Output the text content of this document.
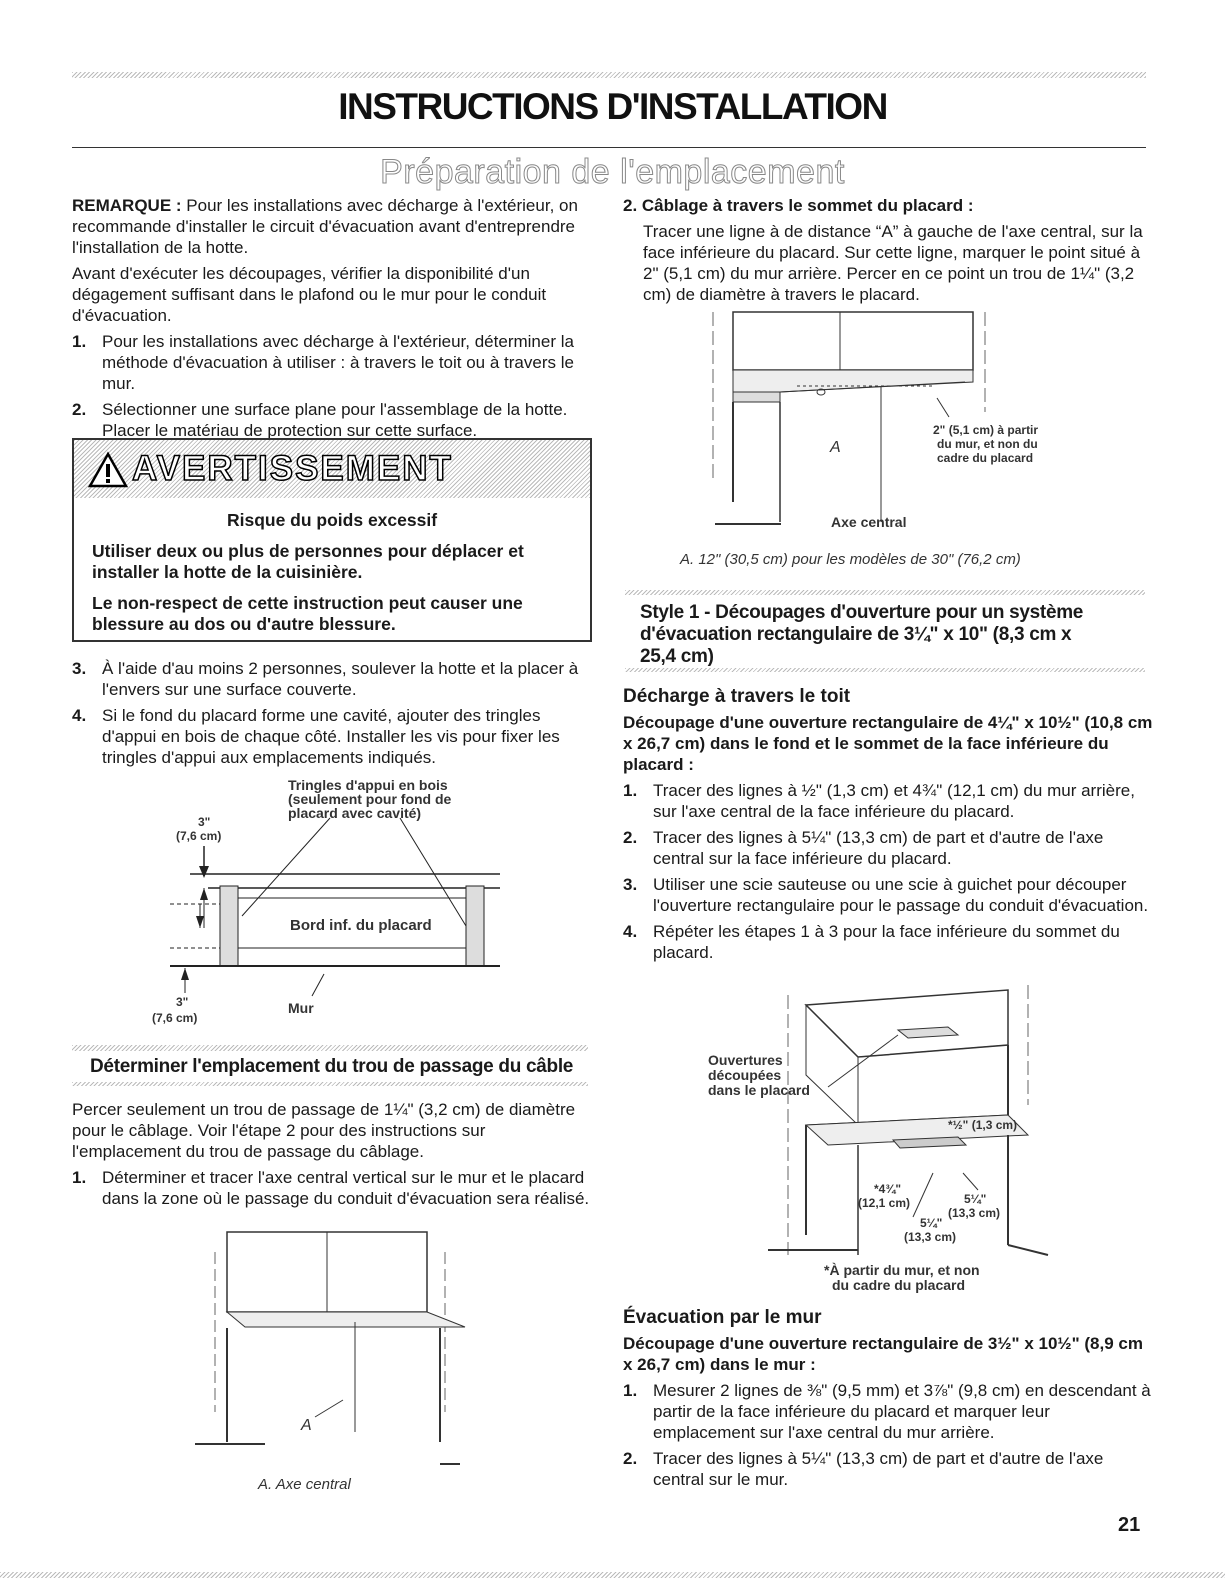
INSTRUCTIONS D'INSTALLATION
Préparation de l'emplacement

REMARQUE : Pour les installations avec décharge à l'extérieur, on recommande d'installer le circuit d'évacuation avant d'entreprendre l'installation de la hotte.

Avant d'exécuter les découpages, vérifier la disponibilité d'un dégagement suffisant dans le plafond ou le mur pour le conduit d'évacuation.

1. Pour les installations avec décharge à l'extérieur, déterminer la méthode d'évacuation à utiliser : à travers le toit ou à travers le mur.
2. Sélectionner une surface plane pour l'assemblage de la hotte. Placer le matériau de protection sur cette surface.
AVERTISSEMENT
Risque du poids excessif
Utiliser deux ou plus de personnes pour déplacer et installer la hotte de la cuisinière.
Le non-respect de cette instruction peut causer une blessure au dos ou d'autre blessure.
3. À l'aide d'au moins 2 personnes, soulever la hotte et la placer à l'envers sur une surface couverte.
4. Si le fond du placard forme une cavité, ajouter des tringles d'appui en bois de chaque côté. Installer les vis pour fixer les tringles d'appui aux emplacements indiqués.
Tringles d'appui en bois
(seulement pour fond de
placard avec cavité)
3"
(7,6 cm)
Bord inf. du placard
3"
(7,6 cm)
Mur
Déterminer l'emplacement du trou de passage du câble

Percer seulement un trou de passage de 1¼" (3,2 cm) de diamètre pour le câblage. Voir l'étape 2 pour des instructions sur l'emplacement du trou de passage du câblage.

1. Déterminer et tracer l'axe central vertical sur le mur et le placard dans la zone où le passage du conduit d'évacuation sera réalisé.
A
A. Axe central

2. Câblage à travers le sommet du placard :

Tracer une ligne à de distance “A” à gauche de l'axe central, sur la face inférieure du placard. Sur cette ligne, marquer le point situé à 2" (5,1 cm) du mur arrière. Percer en ce point un trou de 1¼" (3,2 cm) de diamètre à travers le placard.

A
2" (5,1 cm) à partir
du mur, et non du
cadre du placard
Axe central
A. 12" (30,5 cm) pour les modèles de 30" (76,2 cm)
Style 1 - Découpages d'ouverture pour un système d'évacuation rectangulaire de 3¼" x 10" (8,3 cm x 25,4 cm)
Décharge à travers le toit

Découpage d'une ouverture rectangulaire de 4¼" x 10½" (10,8 cm x 26,7 cm) dans le fond et le sommet de la face inférieure du placard :

1. Tracer des lignes à ½" (1,3 cm) et 4¾" (12,1 cm) du mur arrière, sur l'axe central de la face inférieure du placard.
2. Tracer des lignes à 5¼" (13,3 cm) de part et d'autre de l'axe central sur la face inférieure du placard.
3. Utiliser une scie sauteuse ou une scie à guichet pour découper l'ouverture rectangulaire pour le passage du conduit d'évacuation.
4. Répéter les étapes 1 à 3 pour la face inférieure du sommet du placard.
Ouvertures
découpées
dans le placard
*½" (1,3 cm)
*4¾"
(12,1 cm)	5¼"
(13,3 cm)
5¼"
(13,3 cm)
*À partir du mur, et non
du cadre du placard
Évacuation par le mur

Découpage d'une ouverture rectangulaire de 3½" x 10½" (8,9 cm x 26,7 cm) dans le mur :

1. Mesurer 2 lignes de ⅜" (9,5 mm) et 3⅞" (9,8 cm) en descendant à partir de la face inférieure du placard et marquer leur emplacement sur l'axe central du mur arrière.
2. Tracer des lignes à 5¼" (13,3 cm) de part et d'autre de l'axe central sur le mur.
21
